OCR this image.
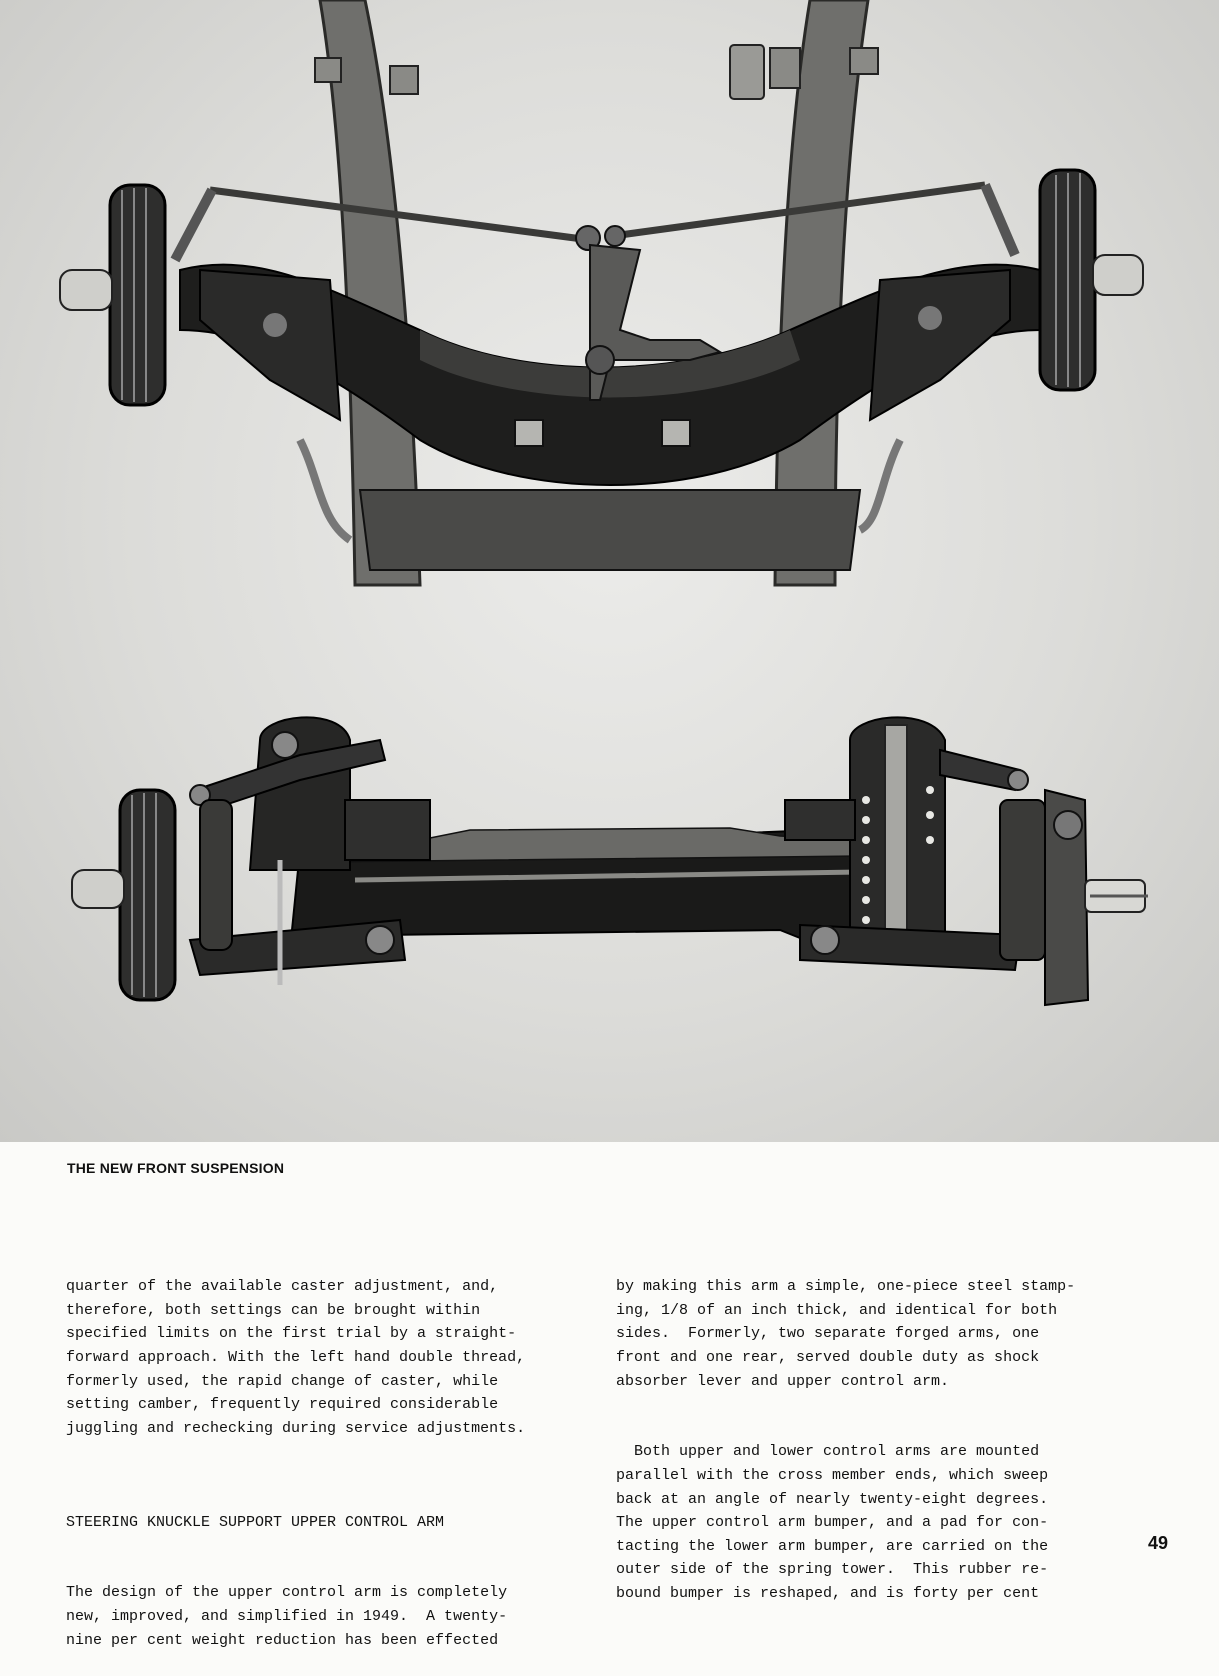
THE NEW FRONT SUSPENSION

quarter of the available caster adjustment, and,
therefore, both settings can be brought within
specified limits on the first trial by a straight-
forward approach. With the left hand double thread,
formerly used, the rapid change of caster, while
setting camber, frequently required considerable
juggling and rechecking during service adjustments.

STEERING KNUCKLE SUPPORT UPPER CONTROL ARM

The design of the upper control arm is completely
new, improved, and simplified in 1949.  A twenty-
nine per cent weight reduction has been effected

by making this arm a simple, one-piece steel stamp-
ing, 1/8 of an inch thick, and identical for both
sides.  Formerly, two separate forged arms, one
front and one rear, served double duty as shock
absorber lever and upper control arm.

Both upper and lower control arms are mounted
parallel with the cross member ends, which sweep
back at an angle of nearly twenty-eight degrees.
The upper control arm bumper, and a pad for con-
tacting the lower arm bumper, are carried on the
outer side of the spring tower.  This rubber re-
bound bumper is reshaped, and is forty per cent

49
